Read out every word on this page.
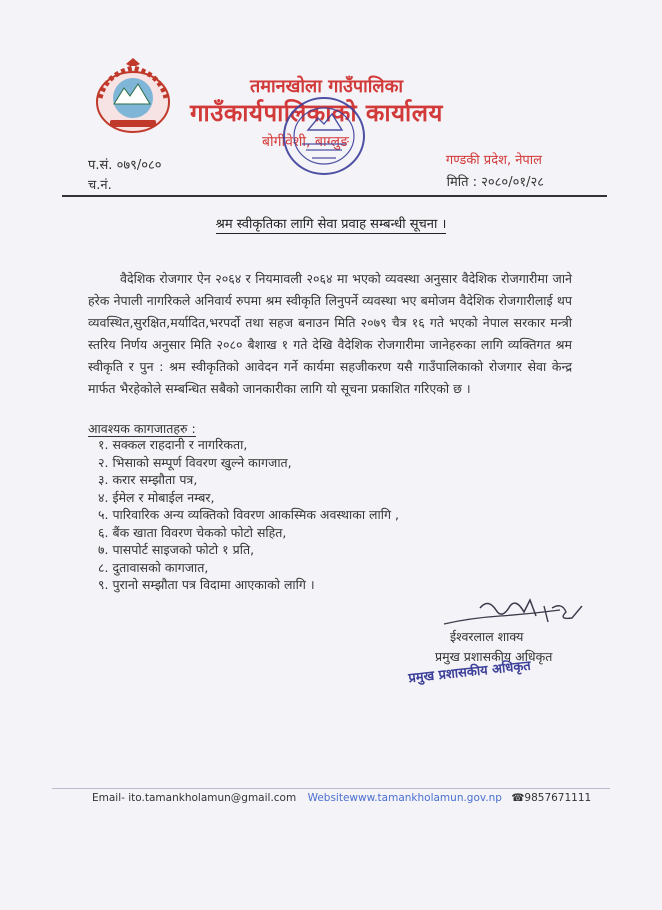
तमानखोला गाउँपालिका
गाउँकार्यपालिकाको कार्यालय
बोगीवेशी, बाग्लुङ
प.सं. ०७९/०८०
च.नं.
गण्डकी प्रदेश, नेपाल
मिति : २०८०/०१/२८
श्रम स्वीकृतिका लागि सेवा प्रवाह सम्बन्धी सूचना ।

वैदेशिक रोजगार ऐन २०६४ र नियमावली २०६४ मा भएको व्यवस्था अनुसार वैदेशिक रोजगारीमा जाने हरेक नेपाली नागरिकले अनिवार्य रुपमा श्रम स्वीकृति लिनुपर्ने व्यवस्था भए बमोजम वैदेशिक रोजगारीलाई थप व्यवस्थित,सुरक्षित,मर्यादित,भरपर्दो तथा सहज बनाउन मिति २०७९ चैत्र १६ गते भएको नेपाल सरकार मन्त्री स्तरिय निर्णय अनुसार मिति २०८० बैशाख १ गते देखि वैदेशिक रोजगारीमा जानेहरुका लागि व्यक्तिगत श्रम स्वीकृति र पुन : श्रम स्वीकृतिको आवेदन गर्ने कार्यमा सहजीकरण यसै गाउँपालिकाको रोजगार सेवा केन्द्र मार्फत भैरहेकोले सम्बन्धित सबैको जानकारीका लागि यो सूचना प्रकाशित गरिएको छ ।

आवश्यक कागजातहरु :
१. सक्कल राहदानी र नागरिकता,
२. भिसाको सम्पूर्ण विवरण खुल्ने कागजात,
३. करार सम्झौता पत्र,
४. ईमेल र मोबाईल नम्बर,
५. पारिवारिक अन्य व्यक्तिको विवरण आकस्मिक अवस्थाका लागि ,
६. बैंक खाता विवरण चेकको फोटो सहित,
७. पासपोर्ट साइजको फोटो १ प्रति,
८. दुतावासको कागजात,
९. पुरानो सम्झौता पत्र विदामा आएकाको लागि ।
ईश्वरलाल शाक्य
प्रमुख प्रशासकीय अधिकृत
प्रमुख प्रशासकीय अधिकृत
Email- ito.tamankholamun@gmail.com Websitewww.tamankholamun.gov.np ☎9857671111
